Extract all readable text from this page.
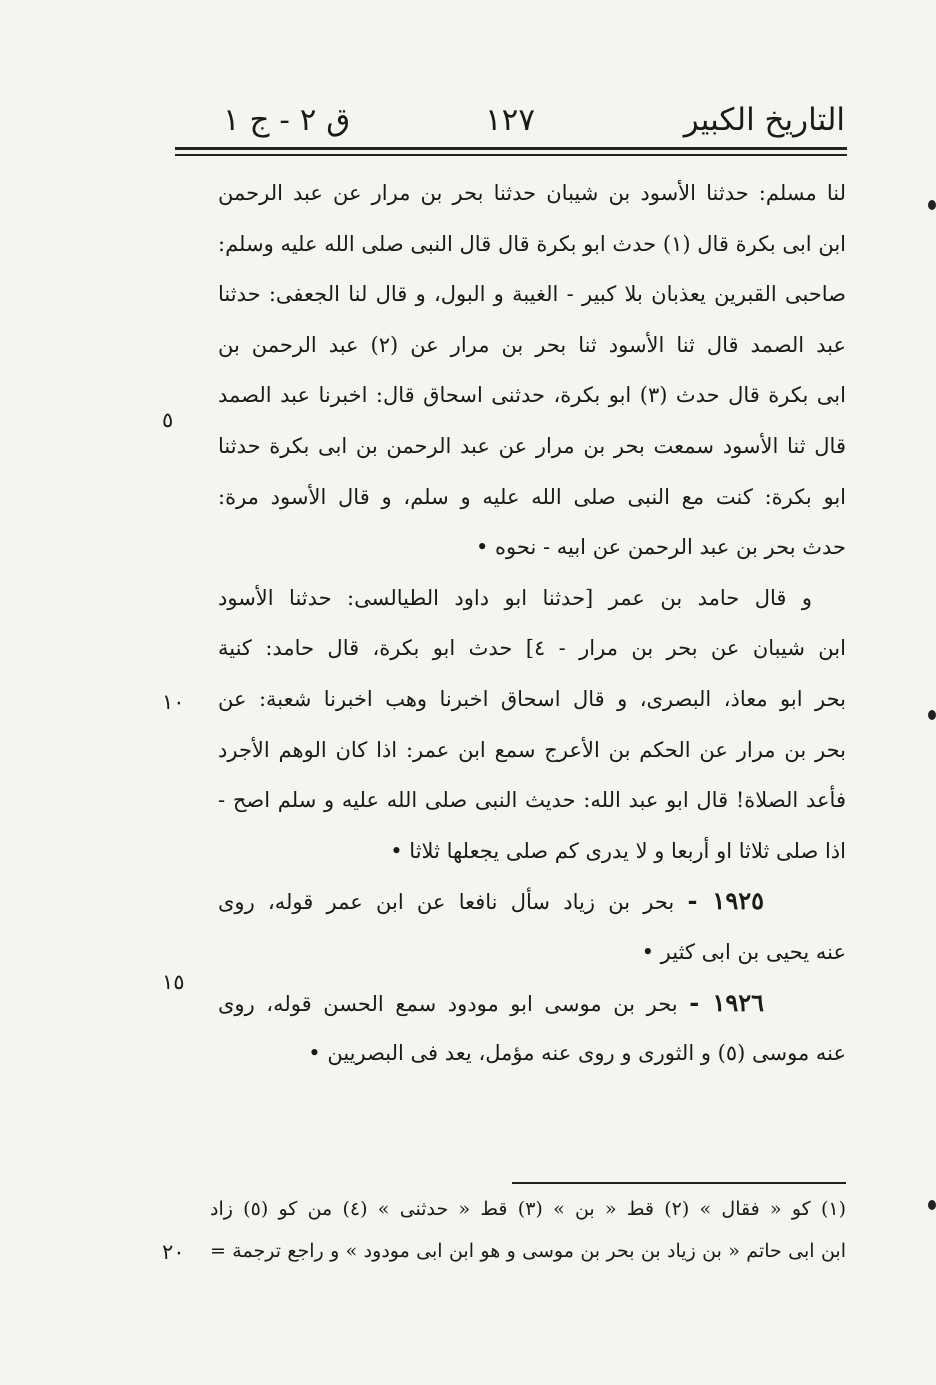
التاريخ الكبير
١٢٧
ق ٢ - ج ١
لنا مسلم: حدثنا الأسود بن شيبان حدثنا بحر بن مرار عن عبد الرحمن
ابن ابى بكرة قال (١) حدث ابو بكرة قال قال النبى صلى الله عليه وسلم:
صاحبى القبرين يعذبان بلا كبير - الغيبة و البول، و قال لنا الجعفى: حدثنا
عبد الصمد قال ثنا الأسود ثنا بحر بن مرار عن (٢) عبد الرحمن بن
ابى بكرة قال حدث (٣) ابو بكرة، حدثنى اسحاق قال: اخبرنا عبد الصمد
قال ثنا الأسود سمعت بحر بن مرار عن عبد الرحمن بن ابى بكرة حدثنا
ابو بكرة: كنت مع النبى صلى الله عليه و سلم، و قال الأسود مرة:
حدث بحر بن عبد الرحمن عن ابيه - نحوه •
و قال حامد بن عمر [حدثنا ابو داود الطيالسى: حدثنا الأسود
ابن شيبان عن بحر بن مرار - ٤] حدث ابو بكرة، قال حامد: كنية
بحر ابو معاذ، البصرى، و قال اسحاق اخبرنا وهب اخبرنا شعبة: عن
بحر بن مرار عن الحكم بن الأعرج سمع ابن عمر: اذا كان الوهم الأجرد
فأعد الصلاة! قال ابو عبد الله: حديث النبى صلى الله عليه و سلم اصح -
اذا صلى ثلاثا او أربعا و لا يدرى كم صلى يجعلها ثلاثا •
١٩٢٥ - بحر بن زياد سأل نافعا عن ابن عمر قوله، روى
عنه يحيى بن ابى كثير •
١٩٢٦ - بحر بن موسى ابو مودود سمع الحسن قوله، روى
عنه موسى (٥) و الثورى و روى عنه مؤمل، يعد فى البصريين •
٥
١٠
١٥
٢٠
(١) كو « فقال » (٢) قط « بن » (٣) قط « حدثنى » (٤) من كو (٥) زاد
ابن ابى حاتم « بن زياد بن بحر بن موسى و هو ابن ابى مودود » و راجع ترجمة =
